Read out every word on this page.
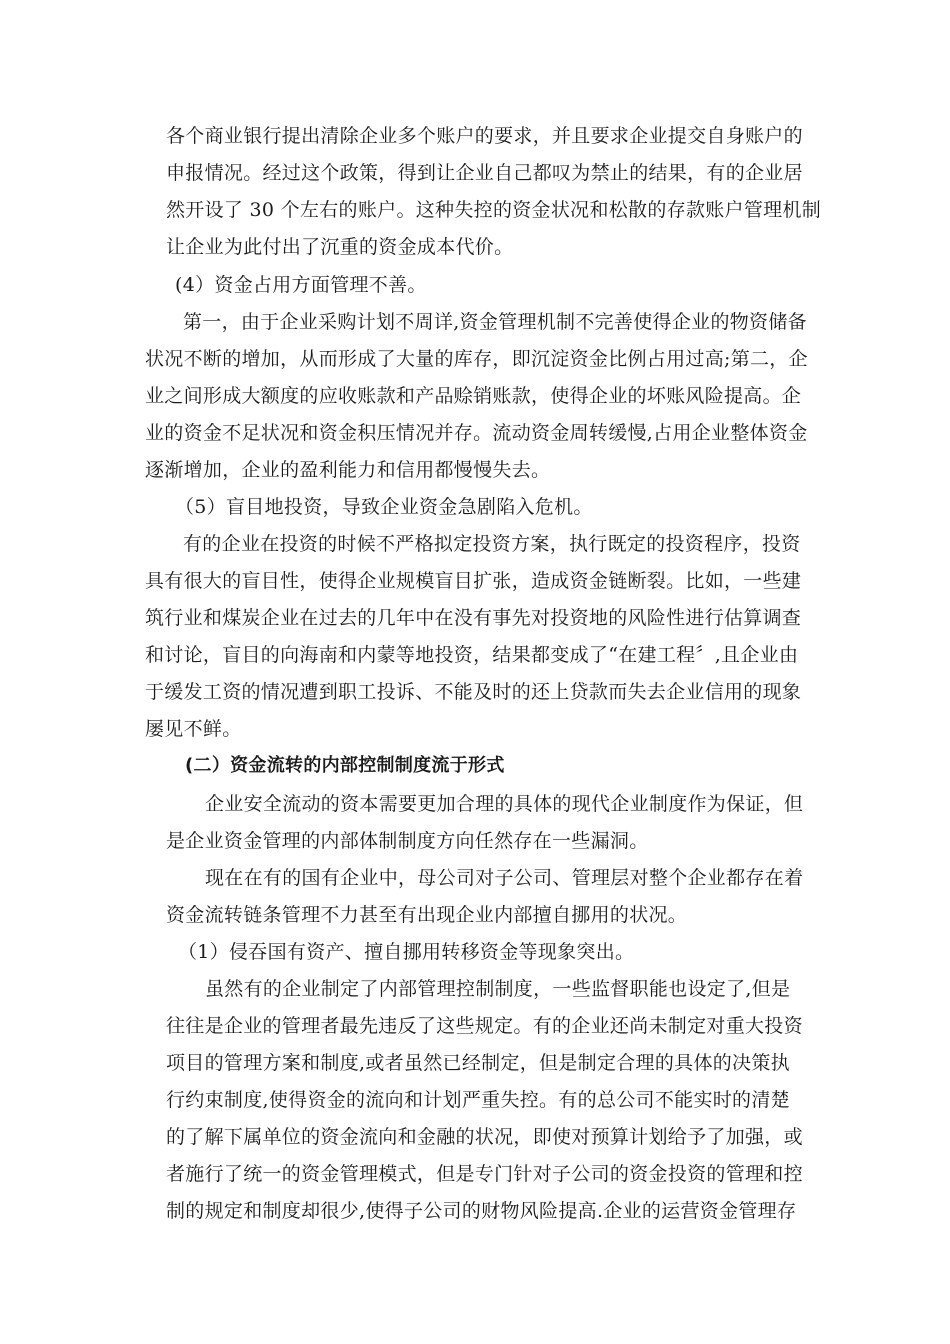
各个商业银行提出清除企业多个账户的要求，并且要求企业提交自身账户的
申报情况。经过这个政策，得到让企业自己都叹为禁止的结果，有的企业居
然开设了 30 个左右的账户。这种失控的资金状况和松散的存款账户管理机制
让企业为此付出了沉重的资金成本代价。
(4）资金占用方面管理不善。
第一，由于企业采购计划不周详,资金管理机制不完善使得企业的物资储备
状况不断的增加，从而形成了大量的库存，即沉淀资金比例占用过高;第二，企
业之间形成大额度的应收账款和产品赊销账款，使得企业的坏账风险提高。企
业的资金不足状况和资金积压情况并存。流动资金周转缓慢,占用企业整体资金
逐渐增加，企业的盈利能力和信用都慢慢失去。
（5）盲目地投资，导致企业资金急剧陷入危机。
有的企业在投资的时候不严格拟定投资方案，执行既定的投资程序，投资
具有很大的盲目性，使得企业规模盲目扩张，造成资金链断裂。比如，一些建
筑行业和煤炭企业在过去的几年中在没有事先对投资地的风险性进行估算调查
和讨论，盲目的向海南和内蒙等地投资，结果都变成了“在建工程〞,且企业由
于缓发工资的情况遭到职工投诉、不能及时的还上贷款而失去企业信用的现象
屡见不鲜。
(二）资金流转的内部控制制度流于形式
企业安全流动的资本需要更加合理的具体的现代企业制度作为保证，但
是企业资金管理的内部体制制度方向任然存在一些漏洞。
现在在有的国有企业中，母公司对子公司、管理层对整个企业都存在着
资金流转链条管理不力甚至有出现企业内部擅自挪用的状况。
（1）侵吞国有资产、擅自挪用转移资金等现象突出。
虽然有的企业制定了内部管理控制制度，一些监督职能也设定了,但是
往往是企业的管理者最先违反了这些规定。有的企业还尚未制定对重大投资
项目的管理方案和制度,或者虽然已经制定，但是制定合理的具体的决策执
行约束制度,使得资金的流向和计划严重失控。有的总公司不能实时的清楚
的了解下属单位的资金流向和金融的状况，即使对预算计划给予了加强，或
者施行了统一的资金管理模式，但是专门针对子公司的资金投资的管理和控
制的规定和制度却很少,使得子公司的财物风险提高.企业的运营资金管理存
